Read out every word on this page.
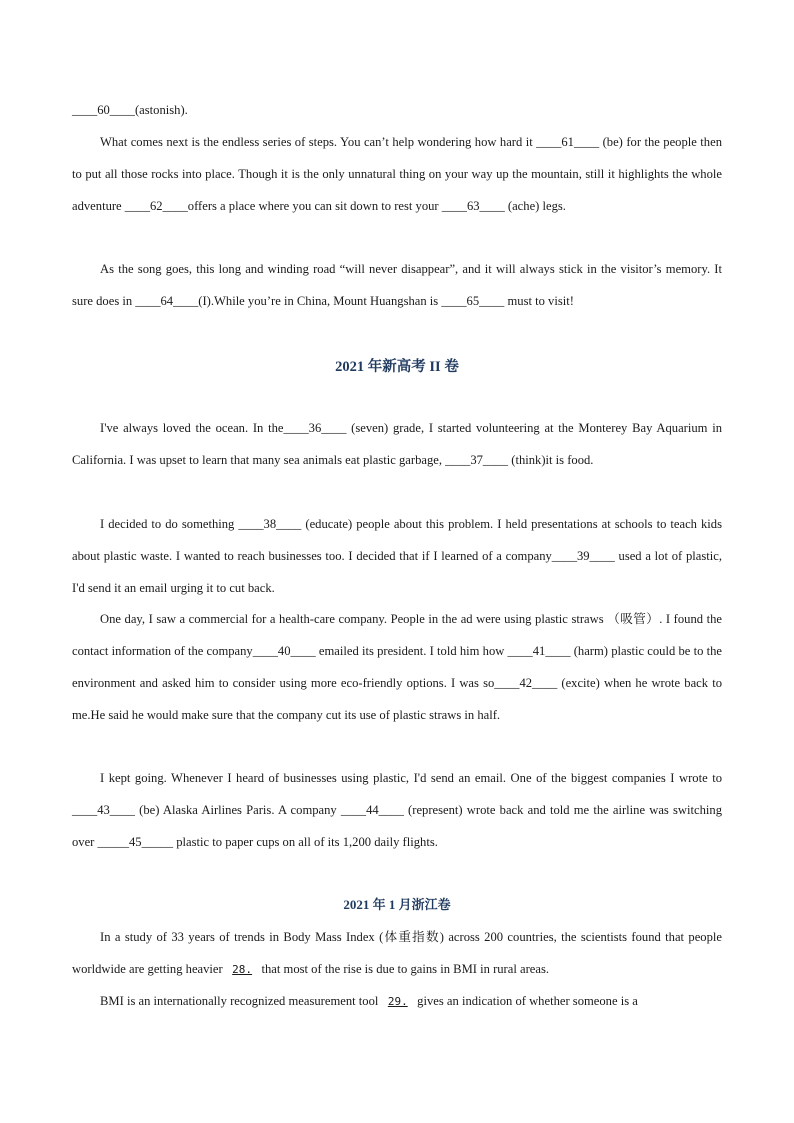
____60____(astonish).
What comes next is the endless series of steps. You can’t help wondering how hard it ____61____ (be) for the people then to put all those rocks into place. Though it is the only unnatural thing on your way up the mountain, still it highlights the whole adventure ____62____offers a place where you can sit down to rest your ____63____ (ache) legs.
As the song goes, this long and winding road “will never disappear”, and it will always stick in the visitor’s memory. It sure does in ____64____(I).While you’re in China, Mount Huangshan is ____65____ must to visit!
2021 年新高考 II 卷
I've always loved the ocean. In the____36____ (seven) grade, I started volunteering at the Monterey Bay Aquarium in California. I was upset to learn that many sea animals eat plastic garbage, ____37____ (think)it is food.
I decided to do something ____38____ (educate) people about this problem. I held presentations at schools to teach kids about plastic waste. I wanted to reach businesses too. I decided that if I learned of a company____39____ used a lot of plastic, I'd send it an email urging it to cut back.
One day, I saw a commercial for a health-care company. People in the ad were using plastic straws （吸管）. I found the contact information of the company____40____ emailed its president. I told him how ____41____ (harm) plastic could be to the environment and asked him to consider using more eco-friendly options. I was so____42____ (excite) when he wrote back to me.He said he would make sure that the company cut its use of plastic straws in half.
I kept going. Whenever I heard of businesses using plastic, I'd send an email. One of the biggest companies I wrote to ____43____ (be) Alaska Airlines Paris. A company ____44____ (represent) wrote back and told me the airline was switching over _____45_____ plastic to paper cups on all of its 1,200 daily flights.
2021 年 1 月浙江卷
In a study of 33 years of trends in Body Mass Index (体重指数) across 200 countries, the scientists found that people worldwide are getting heavier 28. that most of the rise is due to gains in BMI in rural areas.
BMI is an internationally recognized measurement tool 29. gives an indication of whether someone is a
